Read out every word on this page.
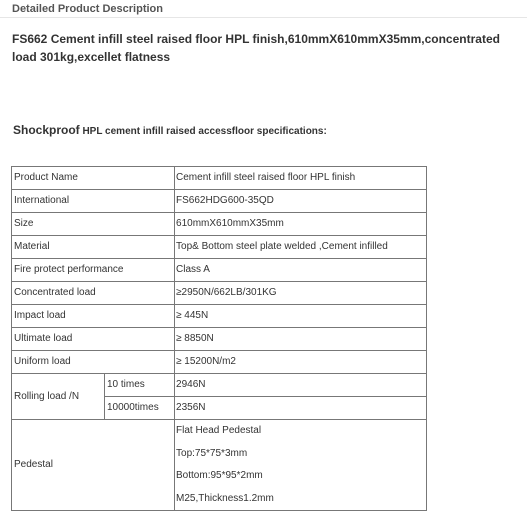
Detailed Product Description
FS662 Cement infill steel raised floor HPL finish,610mmX610mmX35mm,concentrated load 301kg,excellet flatness
Shockproof HPL cement infill raised accessfloor specifications:
Product Name		Cement infill steel raised floor HPL finish
International		FS662HDG600-35QD
Size		610mmX610mmX35mm
Material		Top& Bottom steel plate welded ,Cement infilled
Fire protect performance		Class A
Concentrated load		≥2950N/662LB/301KG
Impact load		≥ 445N
Ultimate load		≥ 8850N
Uniform load		≥ 15200N/m2
Rolling load /N	10 times	2946N
	10000times	2356N
Pedestal		Flat Head Pedestal
Top:75*75*3mm
Bottom:95*95*2mm
M25,Thickness1.2mm
